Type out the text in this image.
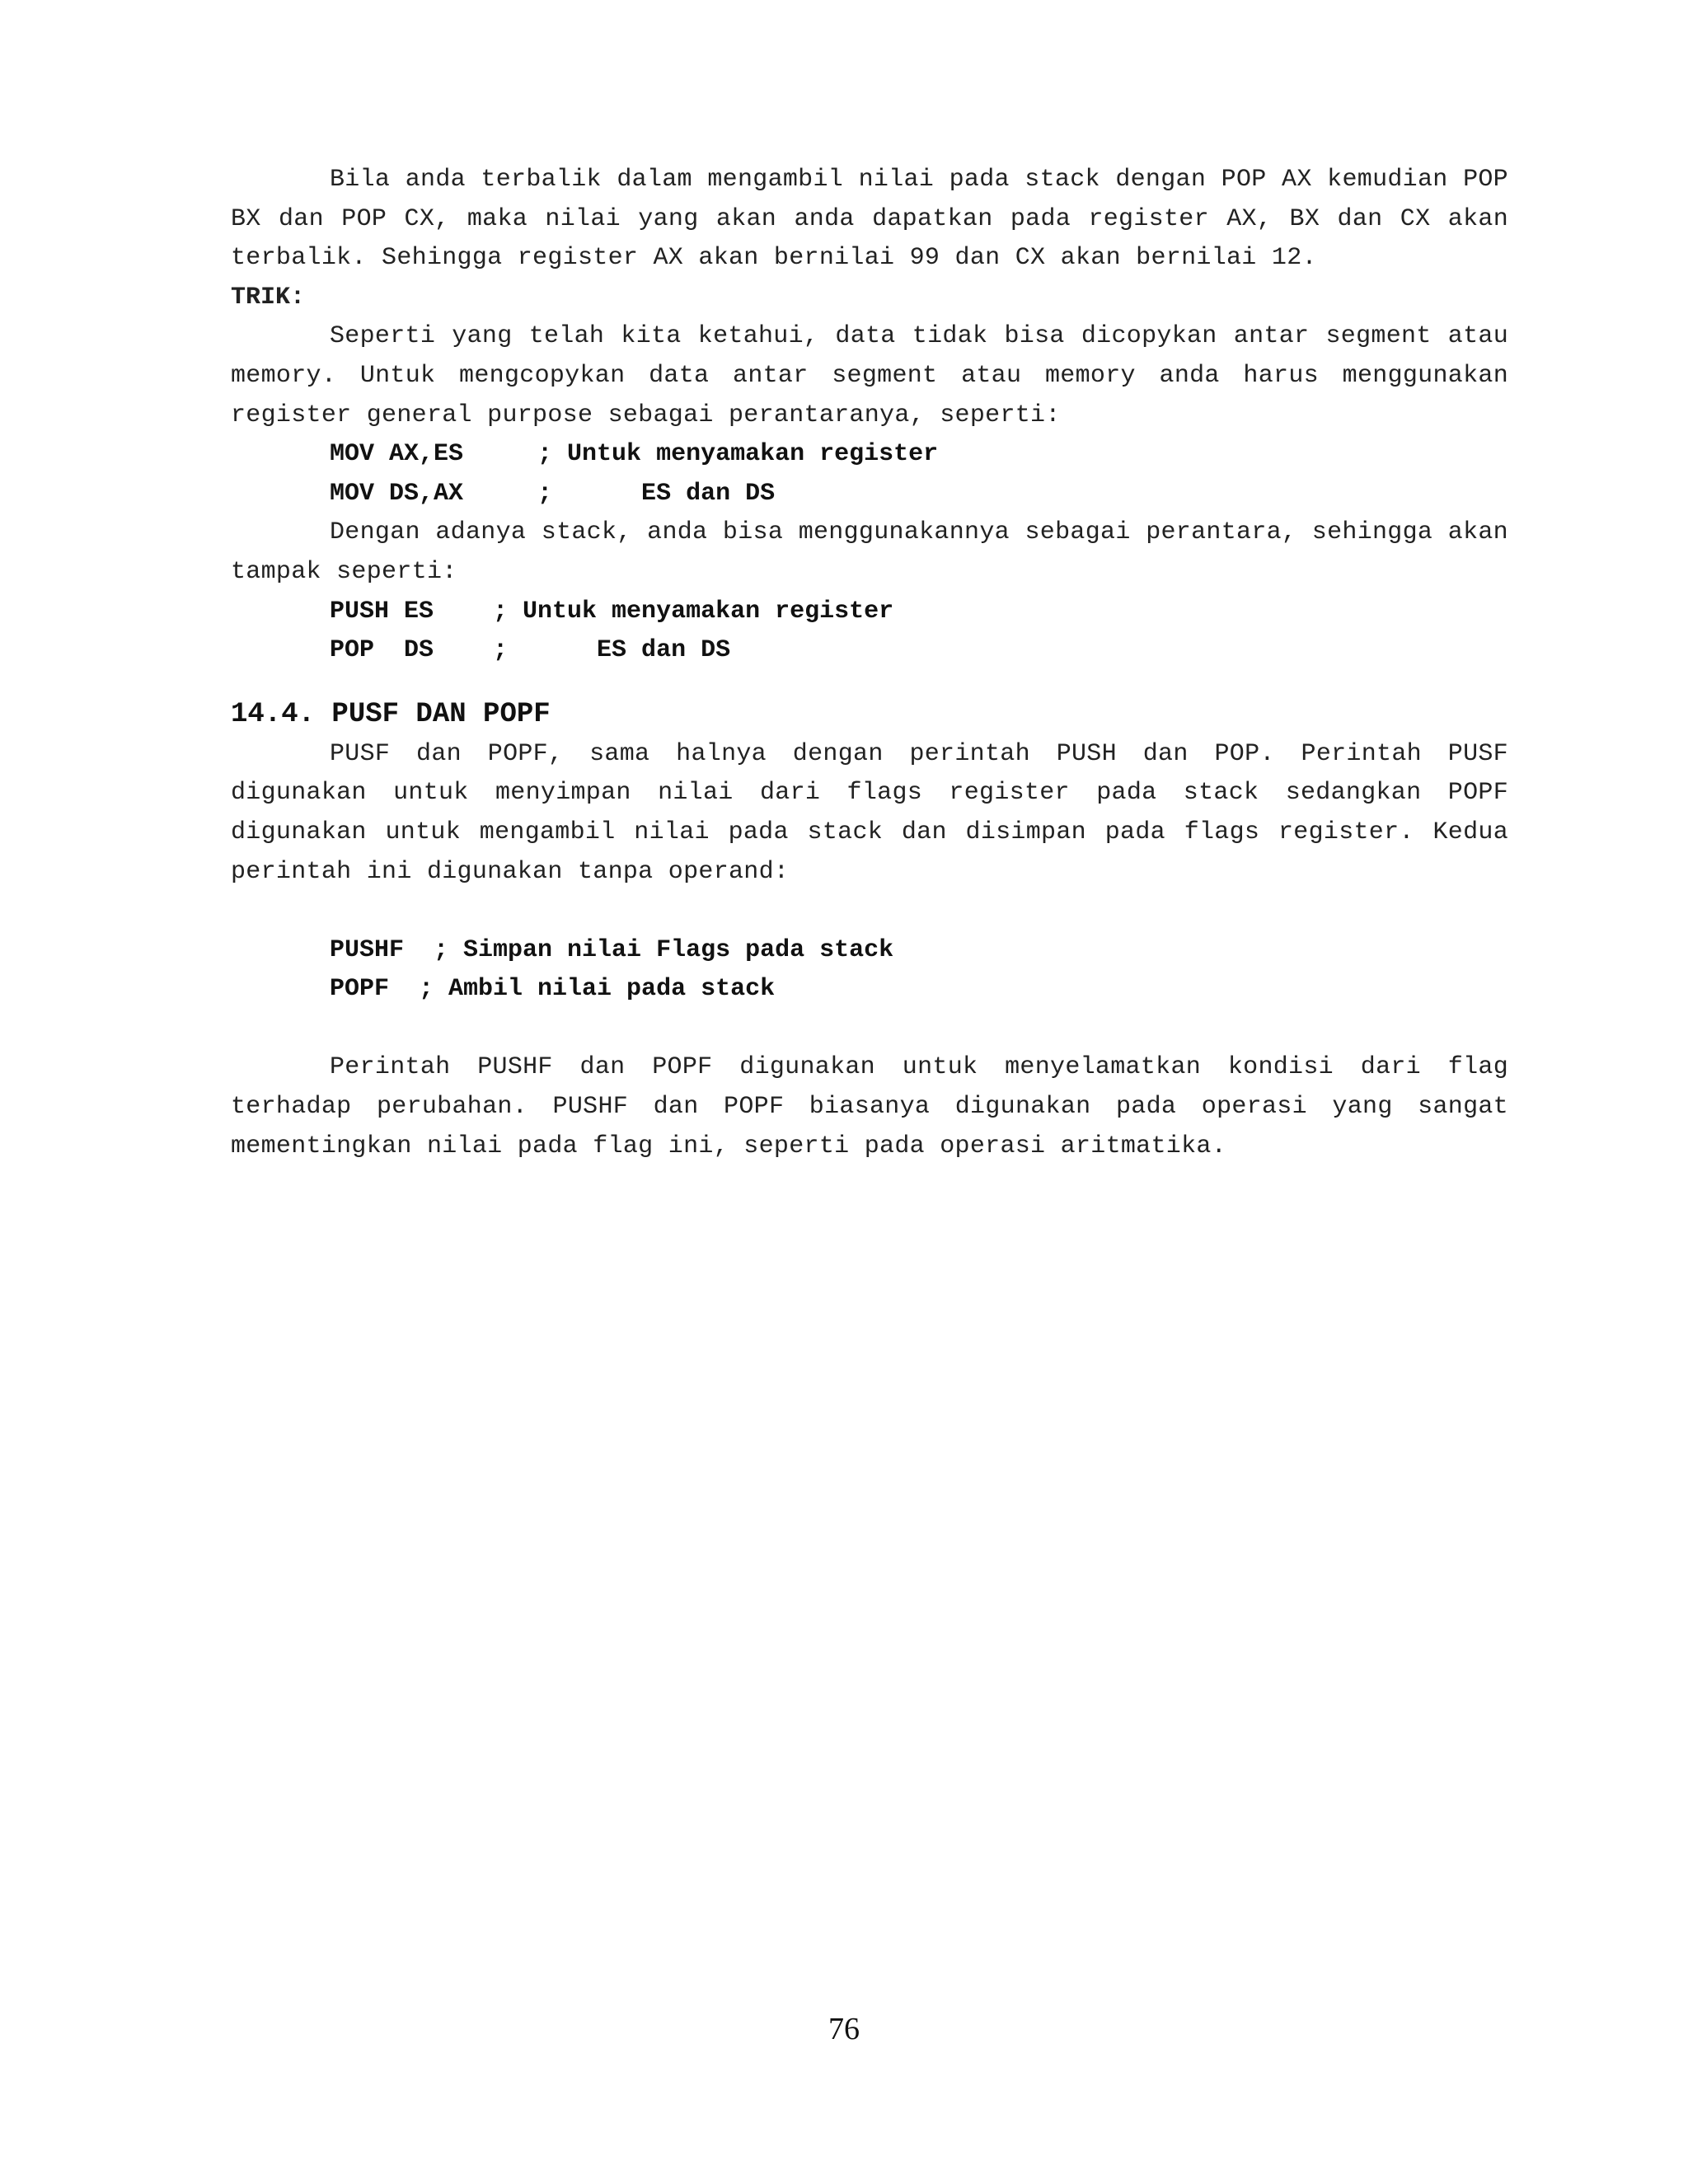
Bila anda terbalik dalam mengambil nilai pada stack dengan POP AX kemudian POP BX dan POP CX, maka nilai yang akan anda dapatkan pada register AX, BX dan CX akan terbalik. Sehingga register AX akan bernilai 99 dan CX akan bernilai 12.

TRIK:

Seperti yang telah kita ketahui, data tidak bisa dicopykan antar segment atau memory. Untuk mengcopykan data antar segment atau memory anda harus menggunakan register general purpose sebagai perantaranya, seperti:

MOV AX,ES     ; Untuk menyamakan register

MOV DS,AX     ;      ES dan DS

Dengan adanya stack, anda bisa menggunakannya sebagai perantara, sehingga akan tampak seperti:

PUSH ES    ; Untuk menyamakan register

POP  DS    ;      ES dan DS

14.4. PUSF DAN POPF

PUSF dan POPF, sama halnya dengan perintah PUSH dan POP. Perintah PUSF digunakan untuk menyimpan nilai dari flags register pada stack sedangkan POPF digunakan untuk mengambil nilai pada stack dan disimpan pada flags register. Kedua perintah ini digunakan tanpa operand:

PUSHF  ; Simpan nilai Flags pada stack

POPF  ; Ambil nilai pada stack

Perintah PUSHF dan POPF digunakan untuk menyelamatkan kondisi dari flag terhadap perubahan. PUSHF dan POPF biasanya digunakan pada operasi yang sangat mementingkan nilai pada flag ini, seperti pada operasi aritmatika.

76
